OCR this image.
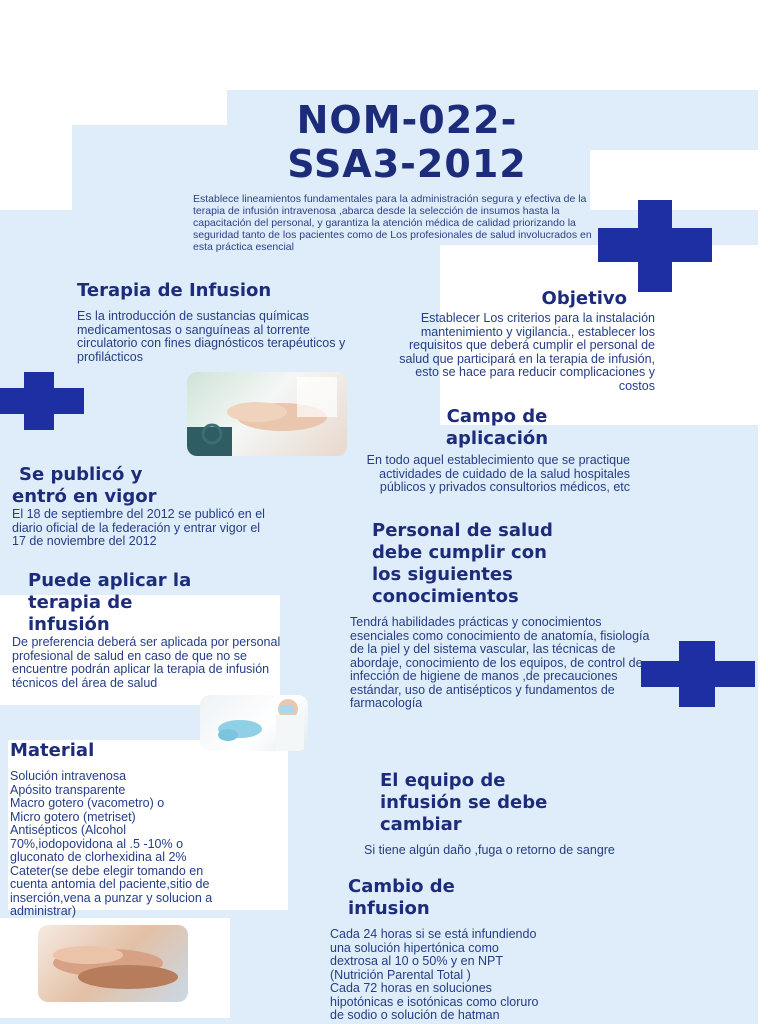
NOM-022-
SSA3-2012

Establece lineamientos fundamentales para la administración segura y efectiva de la terapia de infusión intravenosa ,abarca desde la selección de insumos hasta la capacitación del personal, y garantiza la atención médica de calidad priorizando la seguridad tanto de los pacientes como de Los profesionales de salud involucrados en esta práctica esencial

Terapia de Infusion

Es la introducción de sustancias químicas medicamentosas o sanguíneas al torrente circulatorio con fines diagnósticos terapéuticos y profilácticos

Objetivo

Establecer Los criterios para la instalación mantenimiento y vigilancia., establecer los requisitos que deberá cumplir el personal de salud que participará en la terapia de infusión, esto se hace para reducir complicaciones y costos

Campo de
aplicación

En todo aquel establecimiento que se practique actividades de cuidado de la salud hospitales públicos y privados consultorios médicos, etc

Se publicó y
entró en vigor

El 18 de septiembre del 2012 se publicó en el diario oficial de la federación y entrar vigor el 17 de noviembre del 2012	Personal de salud
debe cumplir con
los siguientes
conocimientos

Tendrá habilidades prácticas y conocimientos esenciales como conocimiento de anatomía, fisiología de la piel y del sistema vascular, las técnicas de abordaje, conocimiento de los equipos, de control de infección de higiene de manos ,de precauciones estándar, uso de antisépticos y fundamentos de farmacología

Puede aplicar la
terapia de
infusión

De preferencia deberá ser aplicada por personal profesional de salud en caso de que no se encuentre podrán aplicar la terapia de infusión técnicos del área de salud

Material
Solución intravenosa
Apósito transparente
Macro gotero (vacometro) o
Micro gotero (metriset)
Antisépticos (Alcohol
70%,iodopovidona al .5 -10% o
gluconato de clorhexidina al 2%
Cateter(se debe elegir tomando en
cuenta antomia del paciente,sitio de
inserción,vena a punzar y solucion a
administrar)
El equipo de
infusión se debe
cambiar

Si tiene algún daño ,fuga o retorno de sangre

Cambio de
infusion
Cada 24 horas si se está infundiendo
una solución hipertónica como
dextrosa al 10 o 50% y en NPT
(Nutrición Parental Total )
Cada 72 horas en soluciones
hipotónicas e isotónicas como cloruro
de sodio o solución de hatman
